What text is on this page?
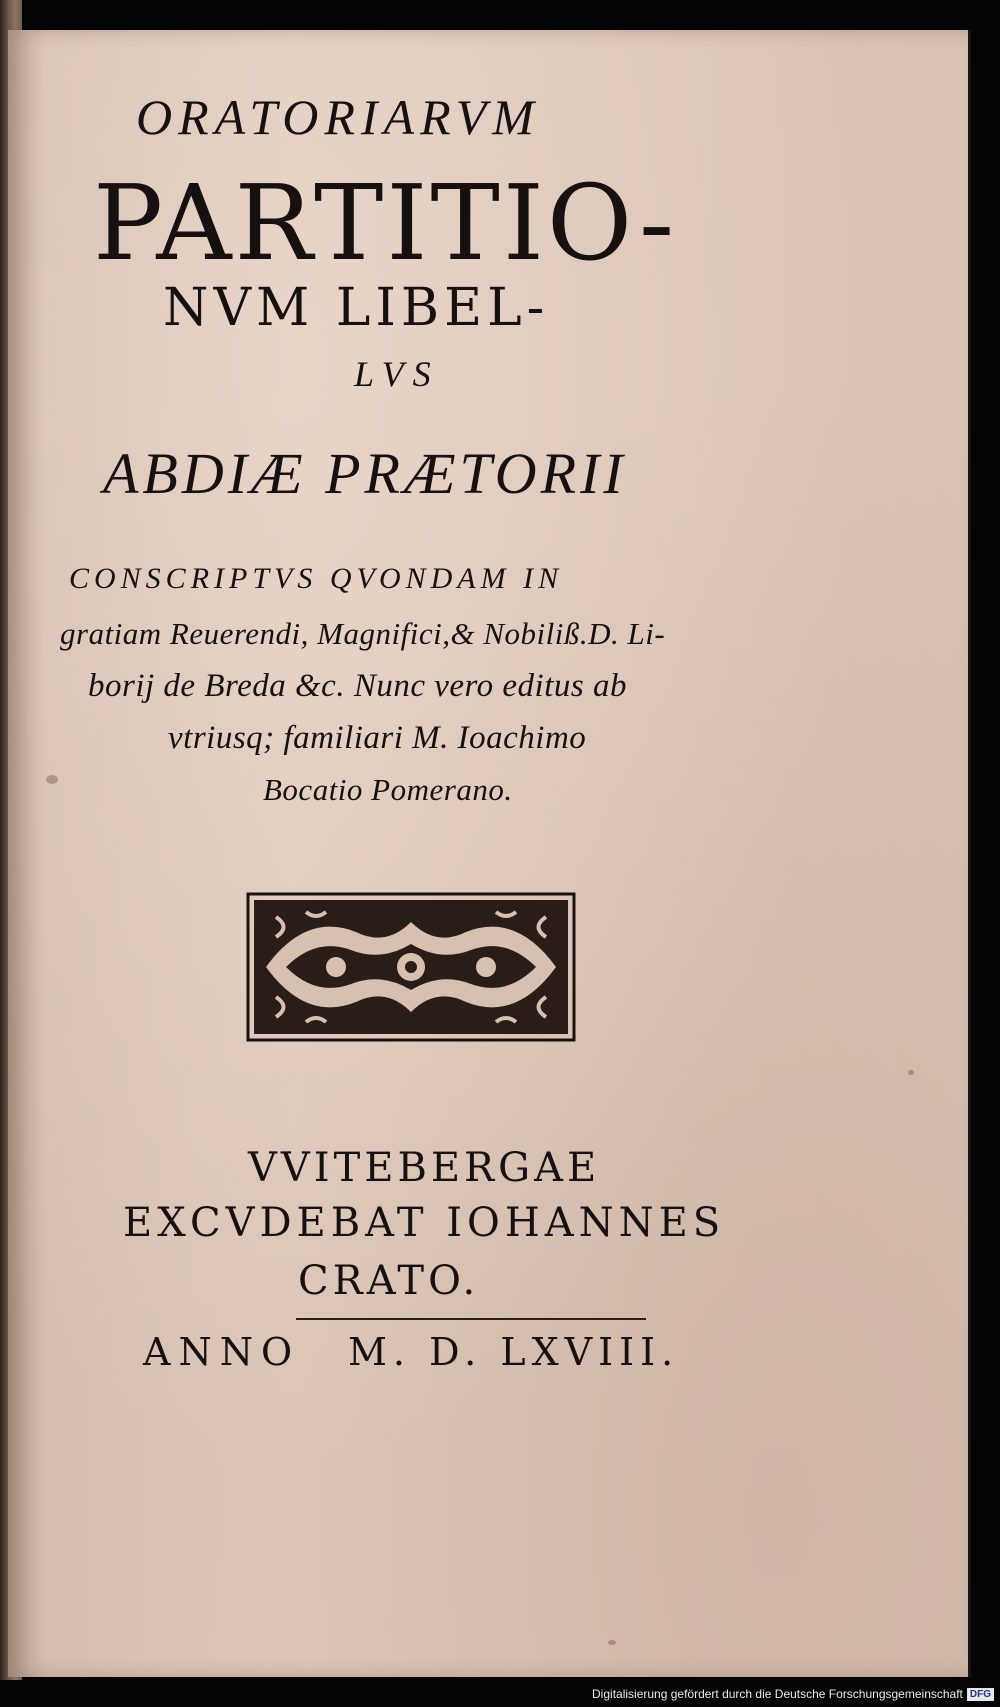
ORATORIARVM
PARTITIO-
NVM LIBEL-
LVS
ABDIÆ PRÆTORII
CONSCRIPTVS QVONDAM IN
gratiam Reuerendi, Magnifici,& Nobiliß.D. Li-
borij de Breda &c. Nunc vero editus ab
vtriusq; familiari M. Ioachimo
Bocatio Pomerano.
VVITEBERGAE
EXCVDEBAT IOHANNES
CRATO.
ANNO M. D. LXVIII.
Digitalisierung gefördert durch die Deutsche Forschungsgemeinschaft DFG
